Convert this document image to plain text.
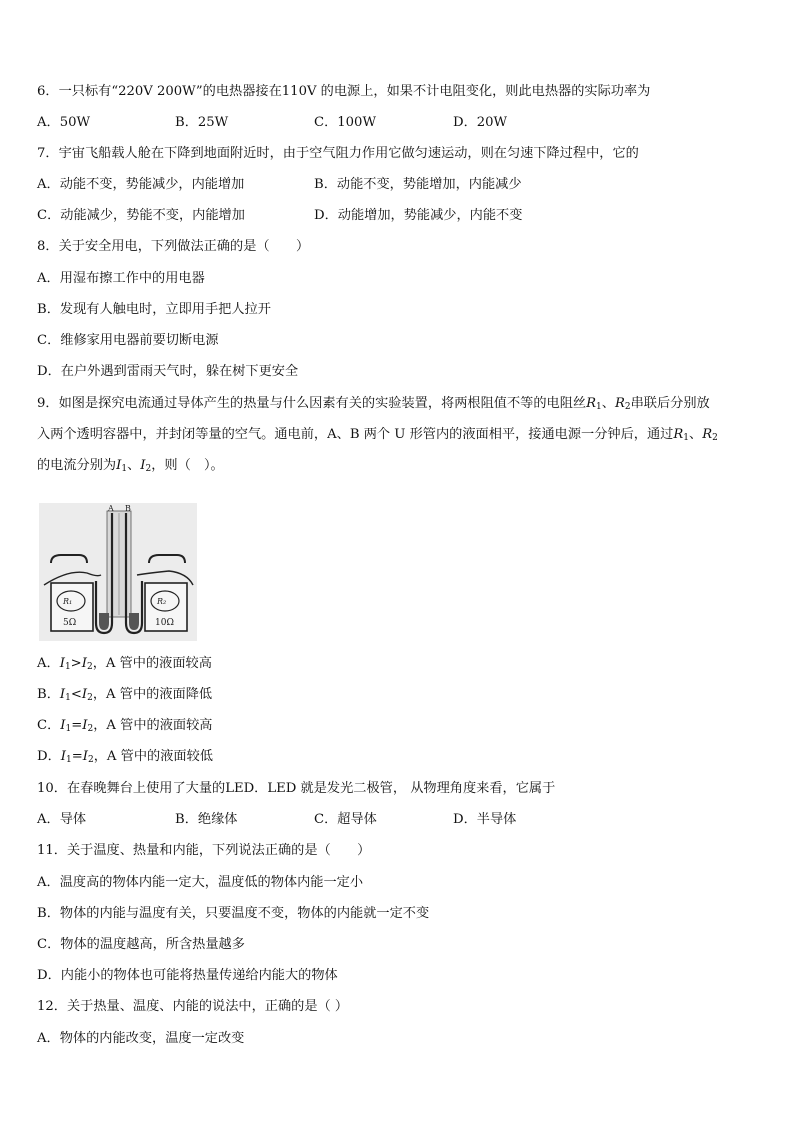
6．一只标有“220V 200W”的电热器接在110V 的电源上，如果不计电阻变化，则此电热器的实际功率为
A．50W	B．25W	C．100W	D．20W
7．宇宙飞船载人舱在下降到地面附近时，由于空气阻力作用它做匀速运动，则在匀速下降过程中，它的
A．动能不变，势能减少，内能增加	B．动能不变，势能增加，内能减少
C．动能减少，势能不变，内能增加	D．动能增加，势能减少，内能不变
8．关于安全用电，下列做法正确的是（　　）
A．用湿布擦工作中的用电器
B．发现有人触电时，立即用手把人拉开
C．维修家用电器前要切断电源
D．在户外遇到雷雨天气时，躲在树下更安全
9．如图是探究电流通过导体产生的热量与什么因素有关的实验装置，将两根阻值不等的电阻丝$R_1$、$R_2$串联后分别放
入两个透明容器中，并封闭等量的空气。通电前，A、B 两个 U 形管内的液面相平，接通电源一分钟后，通过$R_1$、$R_2$
的电流分别为$I_1$、$I_2$，则（　）。
A B
R₁	R₂
5Ω	10Ω
A．$I_1>I_2$，A 管中的液面较高
B．$I_1<I_2$，A 管中的液面降低
C．$I_1=I_2$，A 管中的液面较高
D．$I_1=I_2$，A 管中的液面较低
10．在春晚舞台上使用了大量的LED．LED 就是发光二极管， 从物理角度来看，它属于
A．导体	B．绝缘体	C．超导体	D．半导体
11．关于温度、热量和内能，下列说法正确的是（　　）
A．温度高的物体内能一定大，温度低的物体内能一定小
B．物体的内能与温度有关，只要温度不变，物体的内能就一定不变
C．物体的温度越高，所含热量越多
D．内能小的物体也可能将热量传递给内能大的物体
12．关于热量、温度、内能的说法中，正确的是（ ）
A．物体的内能改变，温度一定改变
